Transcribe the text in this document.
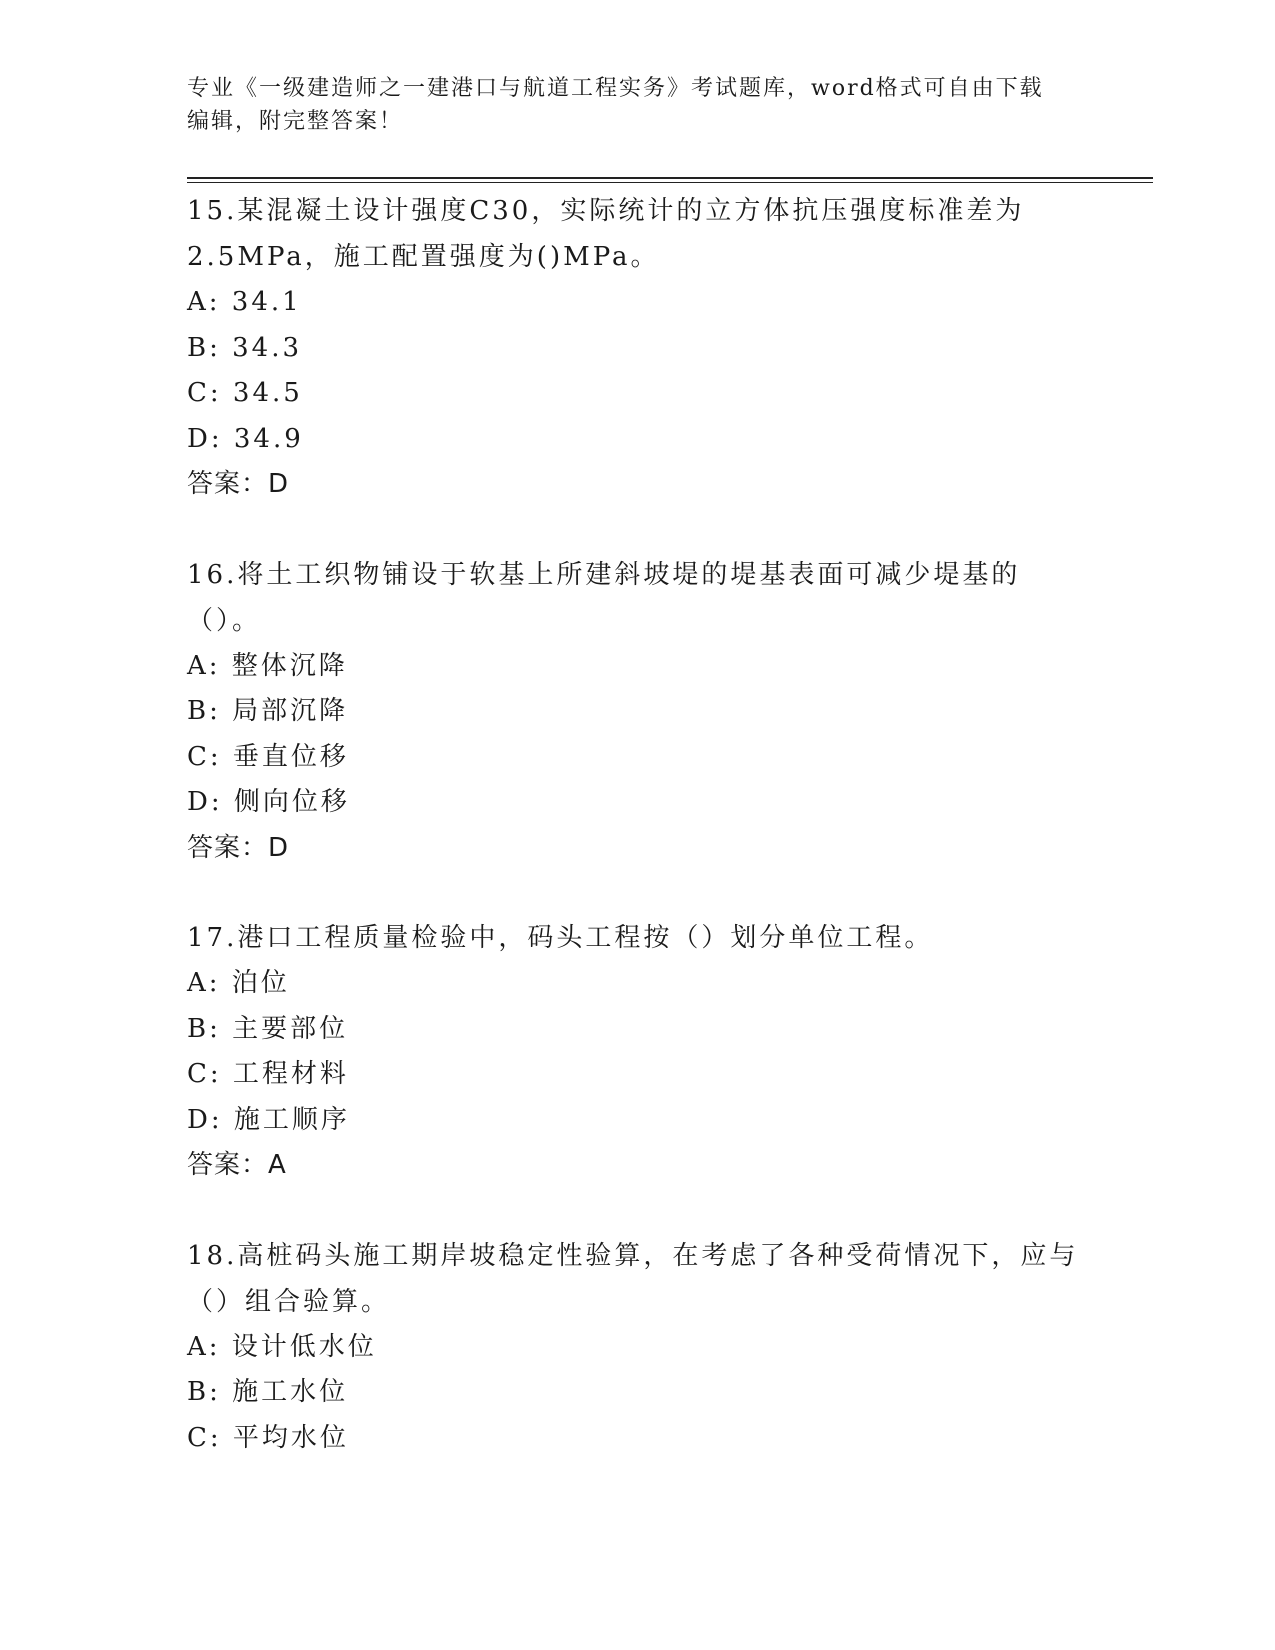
专业《一级建造师之一建港口与航道工程实务》考试题库，word格式可自由下载编辑，附完整答案！

15.某混凝土设计强度C30，实际统计的立方体抗压强度标准差为2.5MPa，施工配置强度为()MPa。

A: 34.1

B: 34.3

C: 34.5

D: 34.9

答案：D

16.将土工织物铺设于软基上所建斜坡堤的堤基表面可减少堤基的（）。

A: 整体沉降

B: 局部沉降

C: 垂直位移

D: 侧向位移

答案：D

17.港口工程质量检验中，码头工程按（）划分单位工程。

A: 泊位

B: 主要部位

C: 工程材料

D: 施工顺序

答案：A

18.高桩码头施工期岸坡稳定性验算，在考虑了各种受荷情况下，应与（）组合验算。

A: 设计低水位

B: 施工水位

C: 平均水位
